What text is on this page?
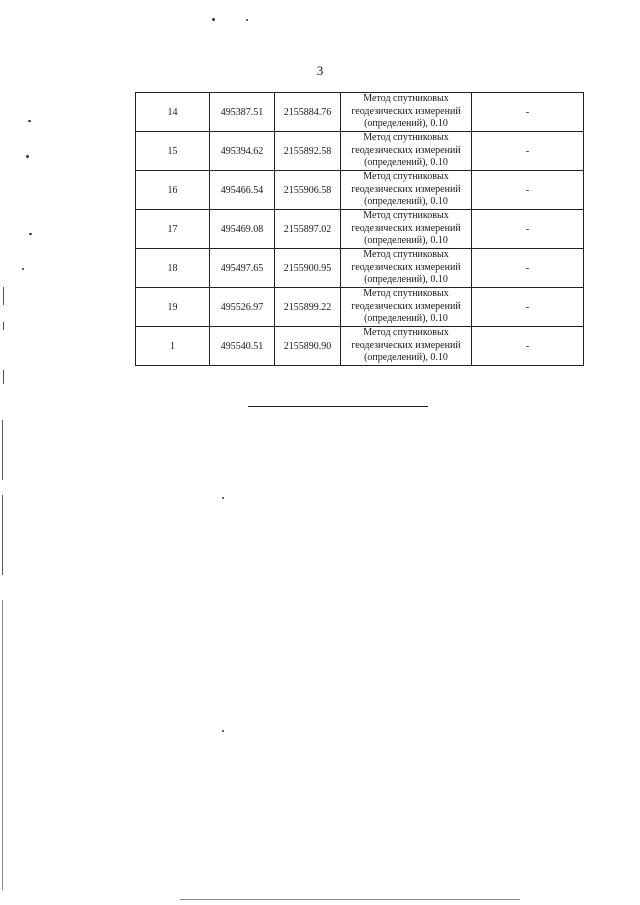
3
14	495387.51	2155884.76	Метод спутниковых
геодезических измерений
(определений), 0.10	-
15	495394.62	2155892.58	Метод спутниковых
геодезических измерений
(определений), 0.10	-
16	495466.54	2155906.58	Метод спутниковых
геодезических измерений
(определений), 0.10	-
17	495469.08	2155897.02	Метод спутниковых
геодезических измерений
(определений), 0.10	-
18	495497.65	2155900.95	Метод спутниковых
геодезических измерений
(определений), 0.10	-
19	495526.97	2155899.22	Метод спутниковых
геодезических измерений
(определений), 0.10	-
1	495540.51	2155890.90	Метод спутниковых
геодезических измерений
(определений), 0.10	-
